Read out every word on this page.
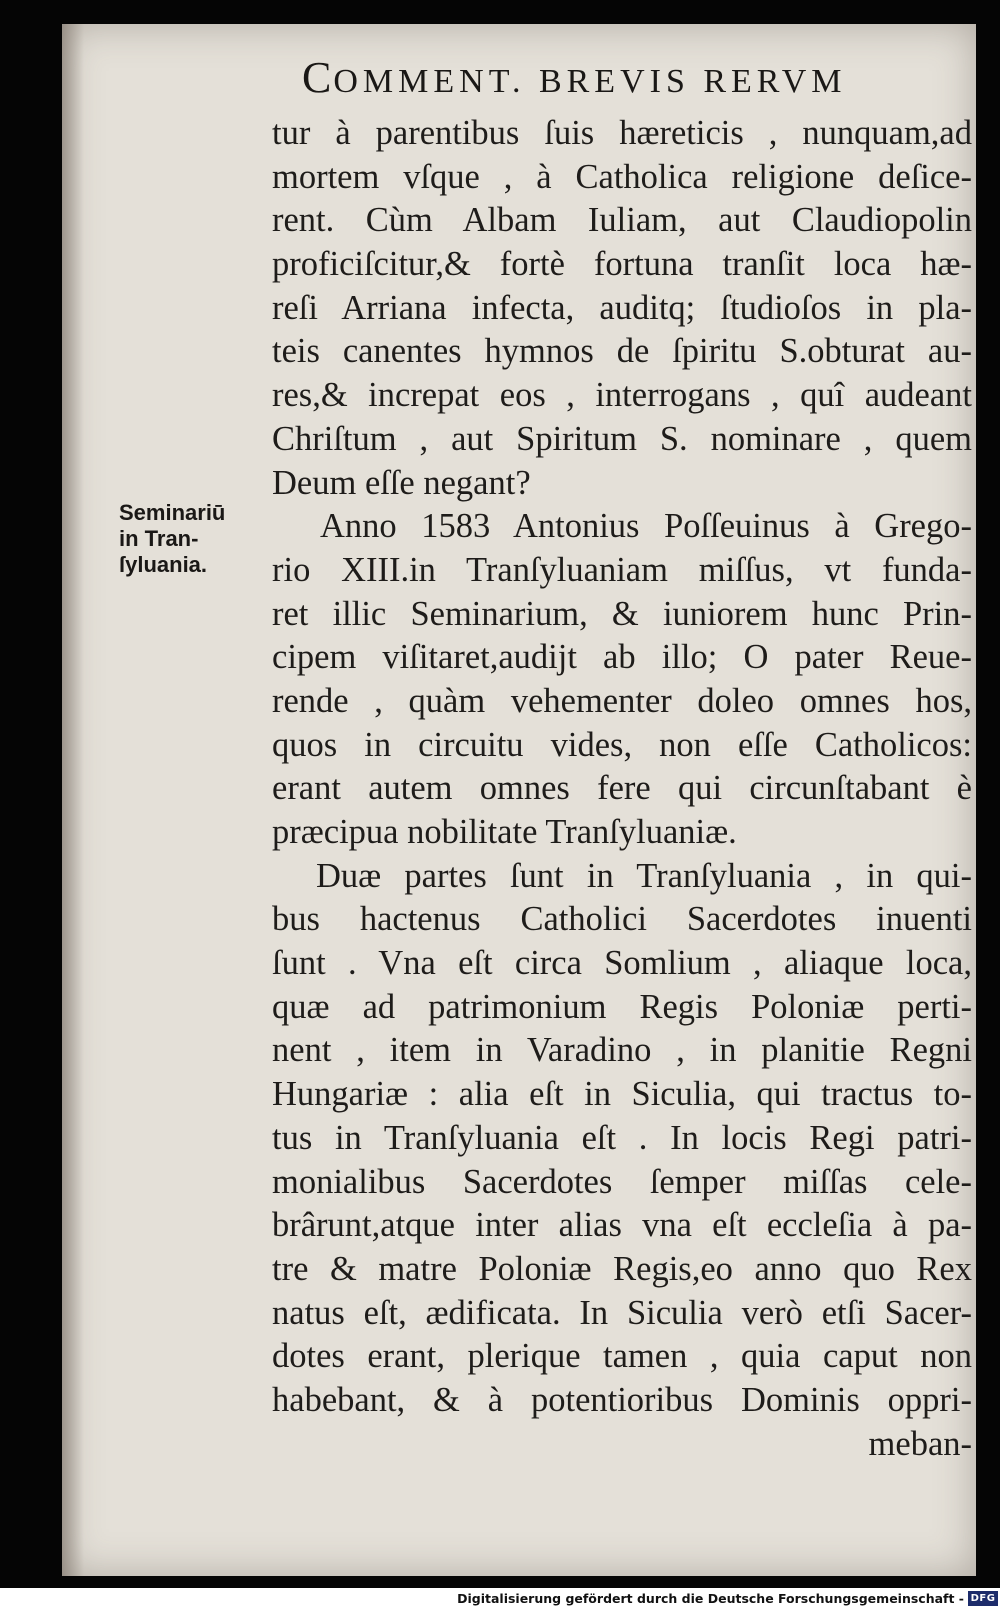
COMMENT. BREVIS RERVM
Seminariū
in Tran-
ſyluania.
tur à parentibus ſuis hæreticis , nunquam,ad
mortem vſque , à Catholica religione deſice-
rent. Cùm Albam Iuliam, aut Claudiopolin
proficiſcitur,& fortè fortuna tranſit loca hæ-
reſi Arriana infecta, auditq; ſtudioſos in pla-
teis canentes hymnos de ſpiritu S.obturat au-
res,& increpat eos , interrogans , quî audeant
Chriſtum , aut Spiritum S. nominare , quem
Deum eſſe negant?
Anno 1583 Antonius Poſſeuinus à Grego-
rio XIII.in Tranſyluaniam miſſus, vt funda-
ret illic Seminarium, & iuniorem hunc Prin-
cipem viſitaret,audijt ab illo; O pater Reue-
rende , quàm vehementer doleo omnes hos,
quos in circuitu vides, non eſſe Catholicos:
erant autem omnes fere qui circunſtabant è
præcipua nobilitate Tranſyluaniæ.
Duæ partes ſunt in Tranſyluania , in qui-
bus hactenus Catholici Sacerdotes inuenti
ſunt . Vna eſt circa Somlium , aliaque loca,
quæ ad patrimonium Regis Poloniæ perti-
nent , item in Varadino , in planitie Regni
Hungariæ : alia eſt in Siculia, qui tractus to-
tus in Tranſyluania eſt . In locis Regi patri-
monialibus Sacerdotes ſemper miſſas cele-
brârunt,atque inter alias vna eſt eccleſia à pa-
tre & matre Poloniæ Regis,eo anno quo Rex
natus eſt, ædificata. In Siculia verò etſi Sacer-
dotes erant, plerique tamen , quia caput non
habebant, & à potentioribus Dominis oppri-
meban-
Digitalisierung gefördert durch die Deutsche Forschungsgemeinschaft - DFG
